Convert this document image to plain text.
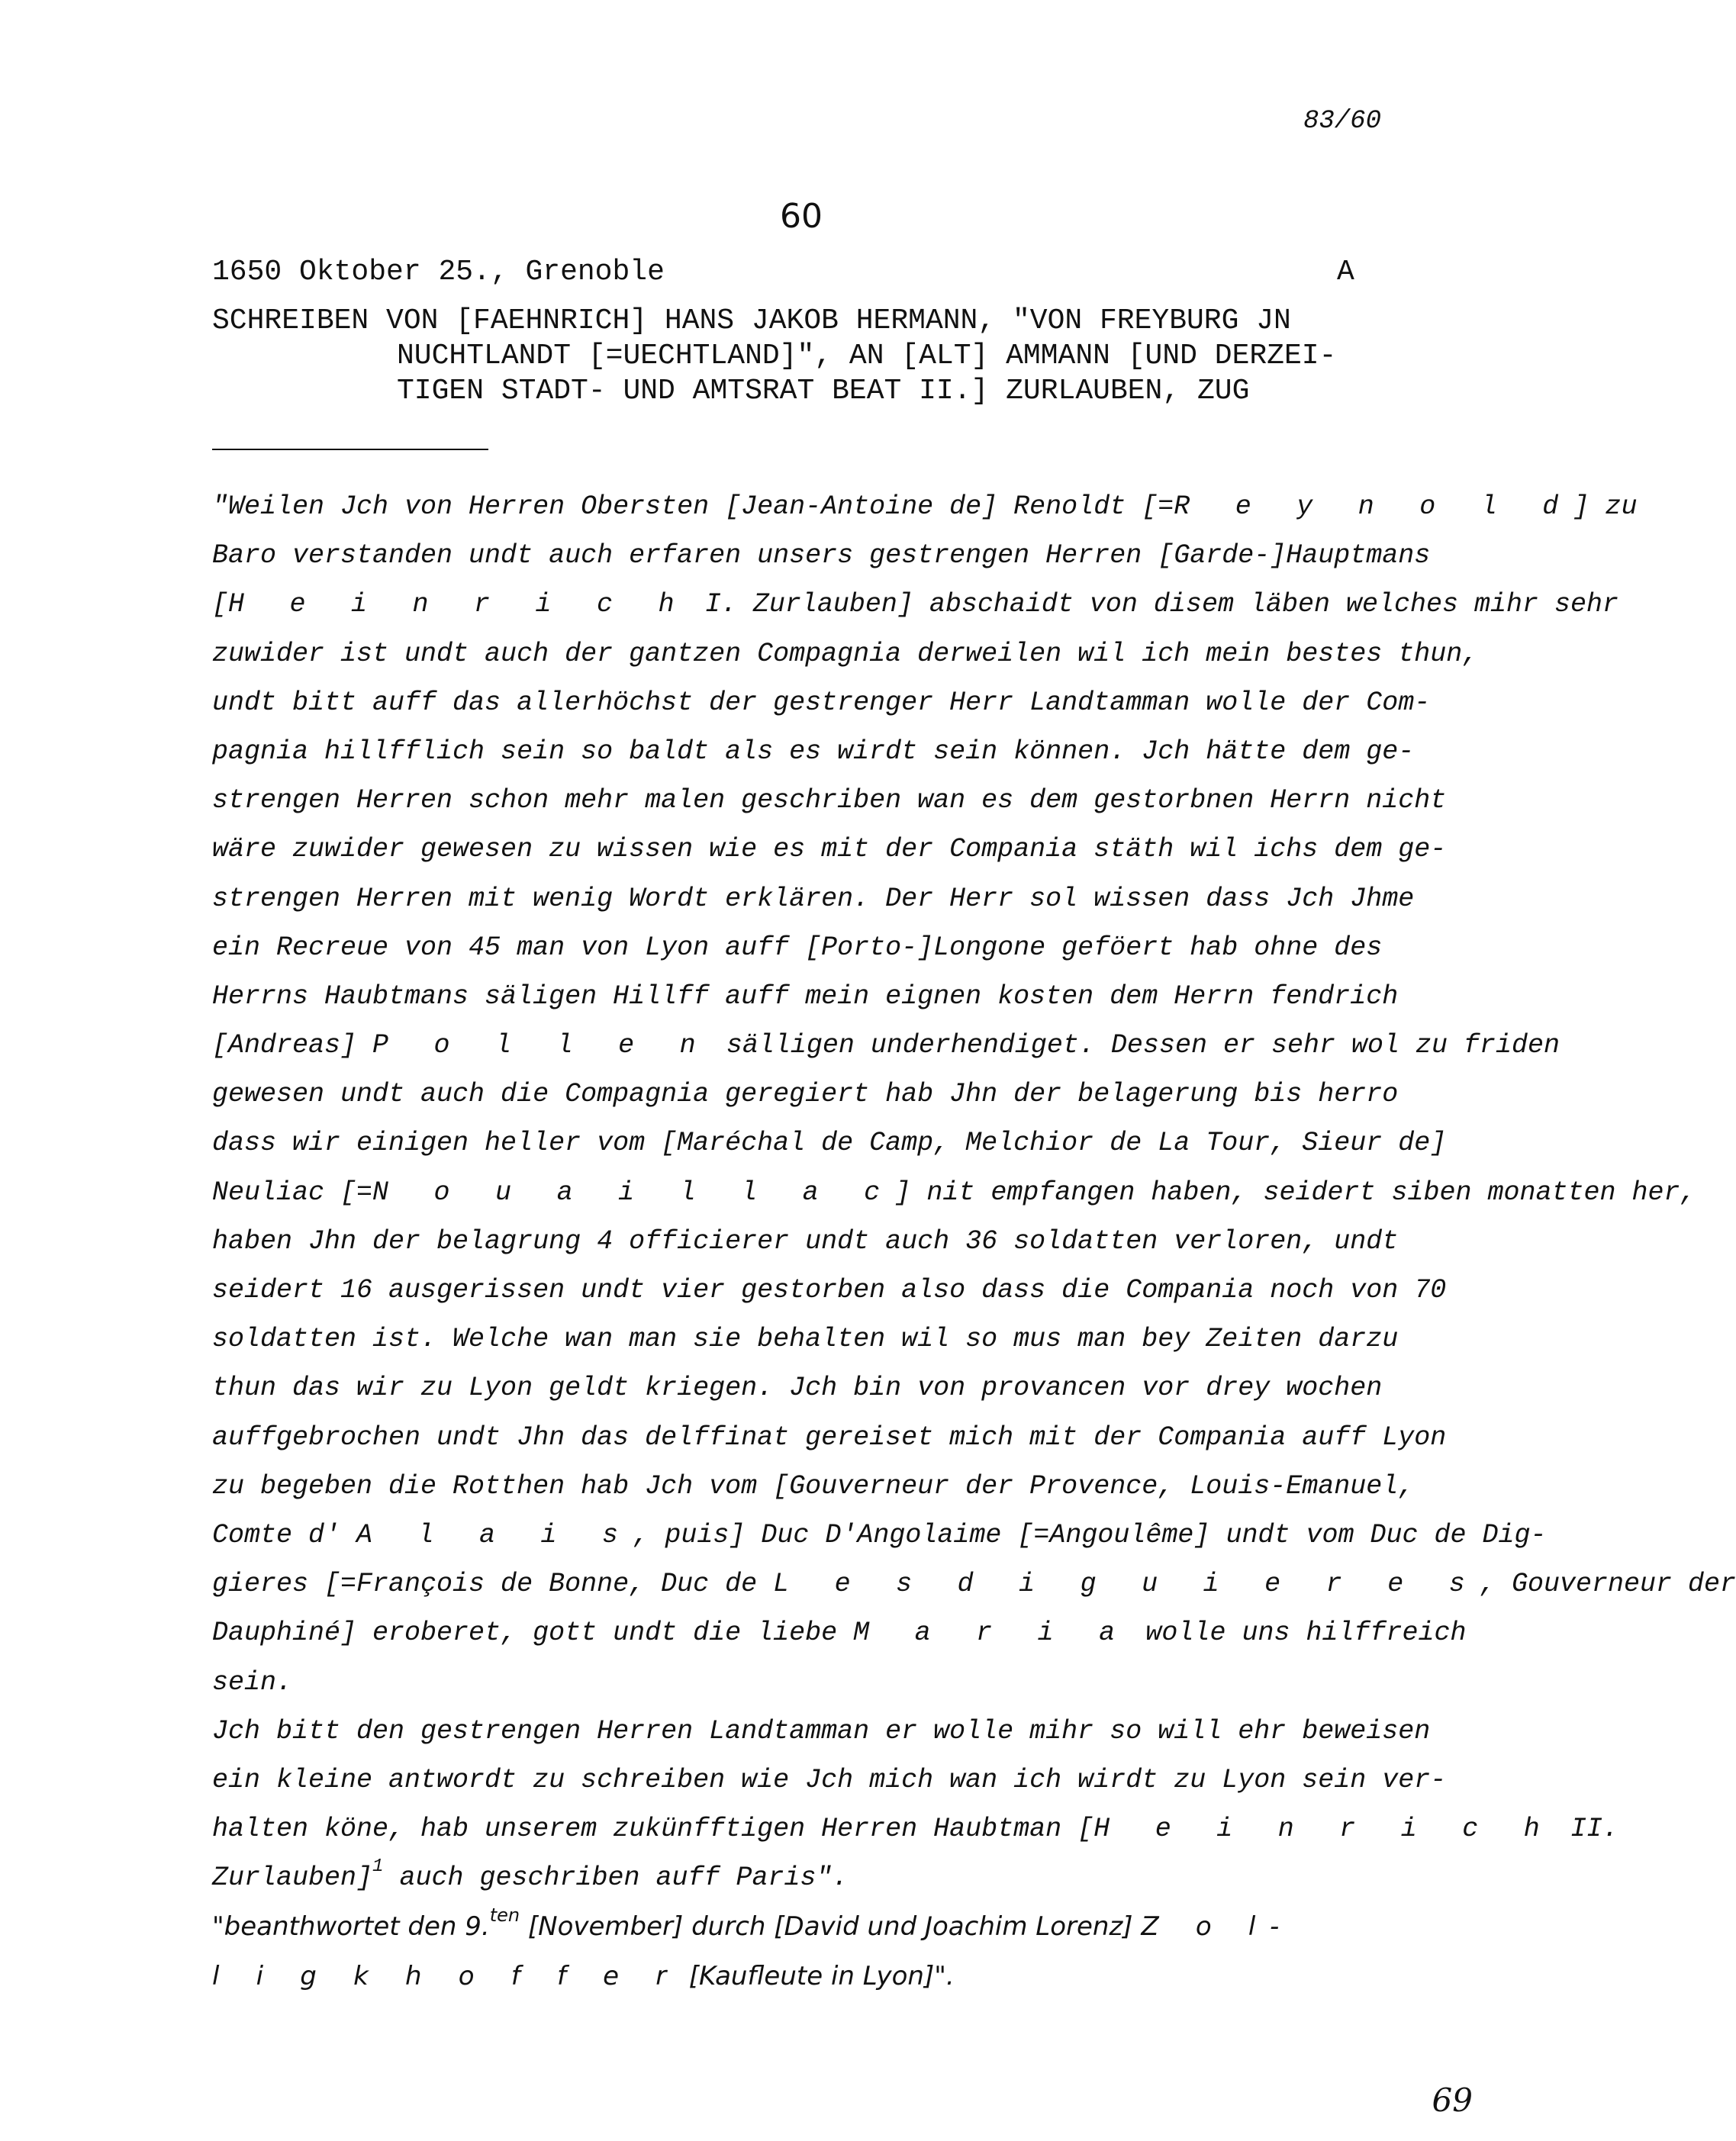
83/60
60
1650 Oktober 25., Grenoble	A
SCHREIBEN VON [FAEHNRICH] HANS JAKOB HERMANN, "VON FREYBURG JN
NUCHTLANDT [=UECHTLAND]", AN [ALT] AMMANN [UND DERZEI-
TIGEN STADT- UND AMTSRAT BEAT II.] ZURLAUBEN, ZUG
"Weilen Jch von Herren Obersten [Jean-Antoine de] Renoldt [=R e y n o l d] zu
Baro verstanden undt auch erfaren unsers gestrengen Herren [Garde-]Hauptmans
[H e i n r i c h I. Zurlauben] abschaidt von disem läben welches mihr sehr
zuwider ist undt auch der gantzen Compagnia derweilen wil ich mein bestes thun,
undt bitt auff das allerhöchst der gestrenger Herr Landtamman wolle der Com-
pagnia hillfflich sein so baldt als es wirdt sein können. Jch hätte dem ge-
strengen Herren schon mehr malen geschriben wan es dem gestorbnen Herrn nicht
wäre zuwider gewesen zu wissen wie es mit der Compania stäth wil ichs dem ge-
strengen Herren mit wenig Wordt erklären. Der Herr sol wissen dass Jch Jhme
ein Recreue von 45 man von Lyon auff [Porto-]Longone geföert hab ohne des
Herrns Haubtmans säligen Hillff auff mein eignen kosten dem Herrn fendrich
[Andreas] P o l l e n sälligen underhendiget. Dessen er sehr wol zu friden
gewesen undt auch die Compagnia geregiert hab Jhn der belagerung bis herro
dass wir einigen heller vom [Maréchal de Camp, Melchior de La Tour, Sieur de]
Neuliac [=N o u a i l l a c] nit empfangen haben, seidert siben monatten her,
haben Jhn der belagrung 4 officierer undt auch 36 soldatten verloren, undt
seidert 16 ausgerissen undt vier gestorben also dass die Compania noch von 70
soldatten ist. Welche wan man sie behalten wil so mus man bey Zeiten darzu
thun das wir zu Lyon geldt kriegen. Jch bin von provancen vor drey wochen
auffgebrochen undt Jhn das delffinat gereiset mich mit der Compania auff Lyon
zu begeben die Rotthen hab Jch vom [Gouverneur der Provence, Louis-Emanuel,
Comte d' A l a i s, puis] Duc D'Angolaime [=Angoulême] undt vom Duc de Dig-
gieres [=François de Bonne, Duc de L e s d i g u i e r e s, Gouverneur der
Dauphiné] eroberet, gott undt die liebe M a r i a wolle uns hilffreich
sein.
Jch bitt den gestrengen Herren Landtamman er wolle mihr so will ehr beweisen
ein kleine antwordt zu schreiben wie Jch mich wan ich wirdt zu Lyon sein ver-
halten köne, hab unserem zukünfftigen Herren Haubtman [H e i n r i c h II.
Zurlauben]$^1$ auch geschriben auff Paris".
"beanthwortet den 9.$^{ten}$ [November] durch [David und Joachim Lorenz] Z o l-
l i g k h o f f e r [Kaufleute in Lyon]".
69
